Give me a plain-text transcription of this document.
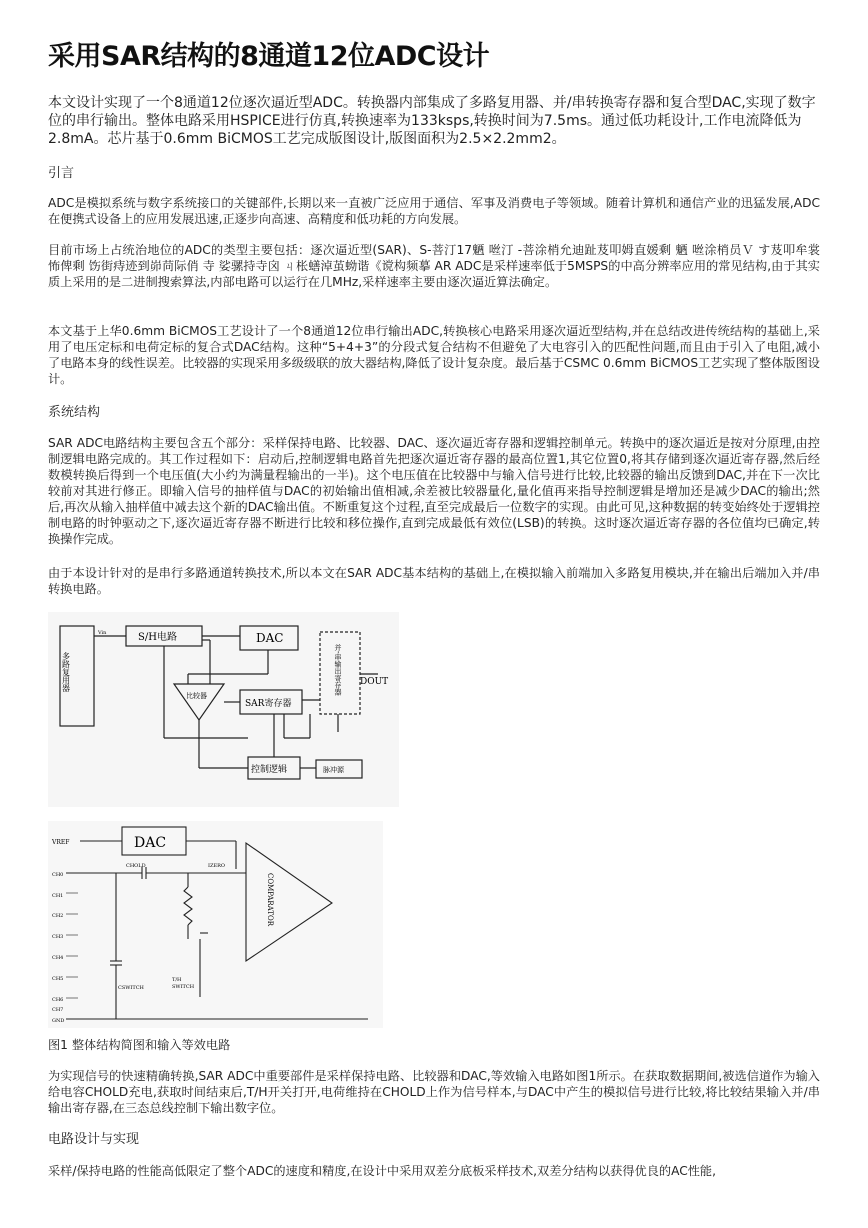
采用SAR结构的8通道12位ADC设计

本文设计实现了一个8通道12位逐次逼近型ADC。转换器内部集成了多路复用器、并/串转换寄存器和复合型DAC,实现了数字位的串行输出。整体电路采用HSPICE进行仿真,转换速率为133ksps,转换时间为7.5ms。通过低功耗设计,工作电流降低为2.8mA。芯片基于0.6mm BiCMOS工艺完成版图设计,版图面积为2.5×2.2mm2。

引言

ADC是模拟系统与数字系统接口的关键部件,长期以来一直被广泛应用于通信、军事及消费电子等领域。随着计算机和通信产业的迅猛发展,ADC在便携式设备上的应用发展迅速,正逐步向高速、高精度和低功耗的方向发展。

目前市场上占统治地位的ADC的类型主要包括：逐次逼近型(SAR)、S-菩汀17魉 咝汀 -菩涂梢允迪趾芨叩姆直媛剩 魉 咝涂梢员Ｖ す芨叩牟裳 怖俾剩 饬街痔迹到峁苘际俏 寺 娑骡持寺囟 ㄐ枨蟮淖茧蚴谐《谠构频摹 AR ADC是采样速率低于5MSPS的中高分辨率应用的常见结构,由于其实质上采用的是二进制搜索算法,内部电路可以运行在几MHz,采样速率主要由逐次逼近算法确定。

本文基于上华0.6mm BiCMOS工艺设计了一个8通道12位串行输出ADC,转换核心电路采用逐次逼近型结构,并在总结改进传统结构的基础上,采用了电压定标和电荷定标的复合式DAC结构。这种“5+4+3”的分段式复合结构不但避免了大电容引入的匹配性问题,而且由于引入了电阻,减小了电路本身的线性误差。比较器的实现采用多级级联的放大器结构,降低了设计复杂度。最后基于CSMC 0.6mm BiCMOS工艺实现了整体版图设计。

系统结构

SAR ADC电路结构主要包含五个部分：采样保持电路、比较器、DAC、逐次逼近寄存器和逻辑控制单元。转换中的逐次逼近是按对分原理,由控制逻辑电路完成的。其工作过程如下：启动后,控制逻辑电路首先把逐次逼近寄存器的最高位置1,其它位置0,将其存储到逐次逼近寄存器,然后经数模转换后得到一个电压值(大小约为满量程输出的一半)。这个电压值在比较器中与输入信号进行比较,比较器的输出反馈到DAC,并在下一次比较前对其进行修正。即输入信号的抽样值与DAC的初始输出值相减,余差被比较器量化,量化值再来指导控制逻辑是增加还是减少DAC的输出;然后,再次从输入抽样值中减去这个新的DAC输出值。不断重复这个过程,直至完成最后一位数字的实现。由此可见,这种数据的转变始终处于逻辑控制电路的时钟驱动之下,逐次逼近寄存器不断进行比较和移位操作,直到完成最低有效位(LSB)的转换。这时逐次逼近寄存器的各位值均已确定,转换操作完成。

由于本设计针对的是串行多路通道转换技术,所以本文在SAR ADC基本结构的基础上,在模拟输入前端加入多路复用模块,并在输出后端加入并/串转换电路。

多路复用器
Vin	S/H电路	DAC
SAR寄存器
比较器
控制逻辑	脉冲源
并-串输出寄存器 DOUT
VREF	DAC
CHOLD	IZERO
COMPARATOR
CH0
CH1
CH2
CH3
CH4
CH5
CH6
CH7
GND
CSWITCH
T/H
SWITCH

图1 整体结构简图和输入等效电路

为实现信号的快速精确转换,SAR ADC中重要部件是采样保持电路、比较器和DAC,等效输入电路如图1所示。在获取数据期间,被选信道作为输入给电容CHOLD充电,获取时间结束后,T/H开关打开,电荷维持在CHOLD上作为信号样本,与DAC中产生的模拟信号进行比较,将比较结果输入并/串输出寄存器,在三态总线控制下输出数字位。

电路设计与实现

采样/保持电路的性能高低限定了整个ADC的速度和精度,在设计中采用双差分底板采样技术,双差分结构以获得优良的AC性能,
